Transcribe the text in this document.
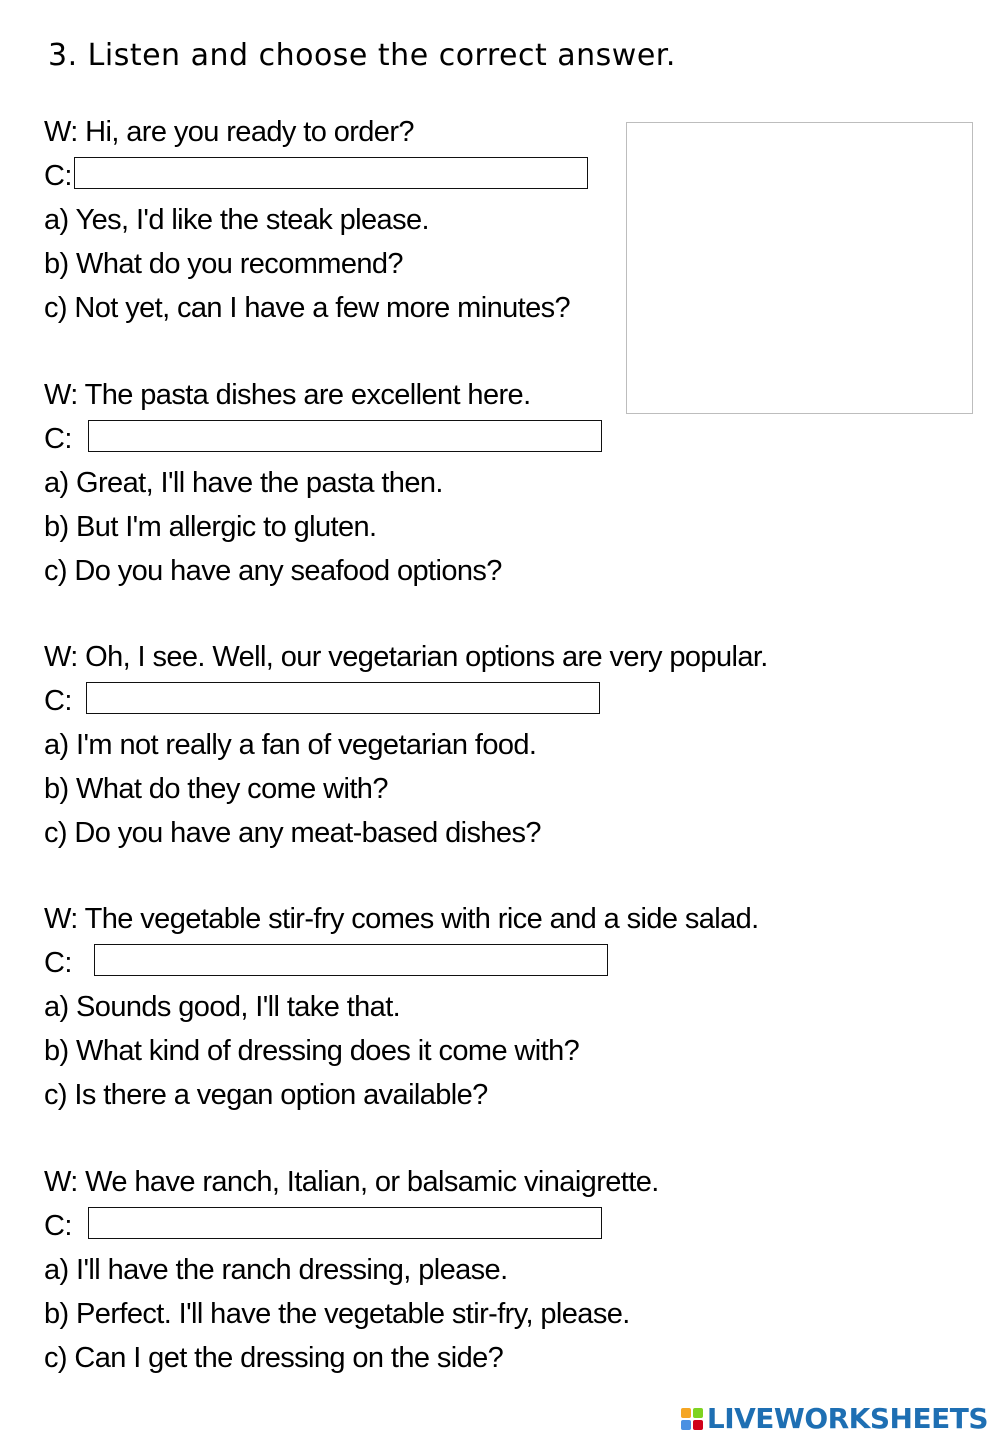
3. Listen and choose the correct answer.
W: Hi, are you ready to order?
C:
a) Yes, I'd like the steak please.
b) What do you recommend?
c) Not yet, can I have a few more minutes?
W: The pasta dishes are excellent here.
C:
a) Great, I'll have the pasta then.
b) But I'm allergic to gluten.
c) Do you have any seafood options?
W: Oh, I see. Well, our vegetarian options are very popular.
C:
a) I'm not really a fan of vegetarian food.
b) What do they come with?
c) Do you have any meat-based dishes?
W: The vegetable stir-fry comes with rice and a side salad.
C:
a) Sounds good, I'll take that.
b) What kind of dressing does it come with?
c) Is there a vegan option available?
W: We have ranch, Italian, or balsamic vinaigrette.
C:
a) I'll have the ranch dressing, please.
b) Perfect. I'll have the vegetable stir-fry, please.
c) Can I get the dressing on the side?
LIVEWORKSHEETS
